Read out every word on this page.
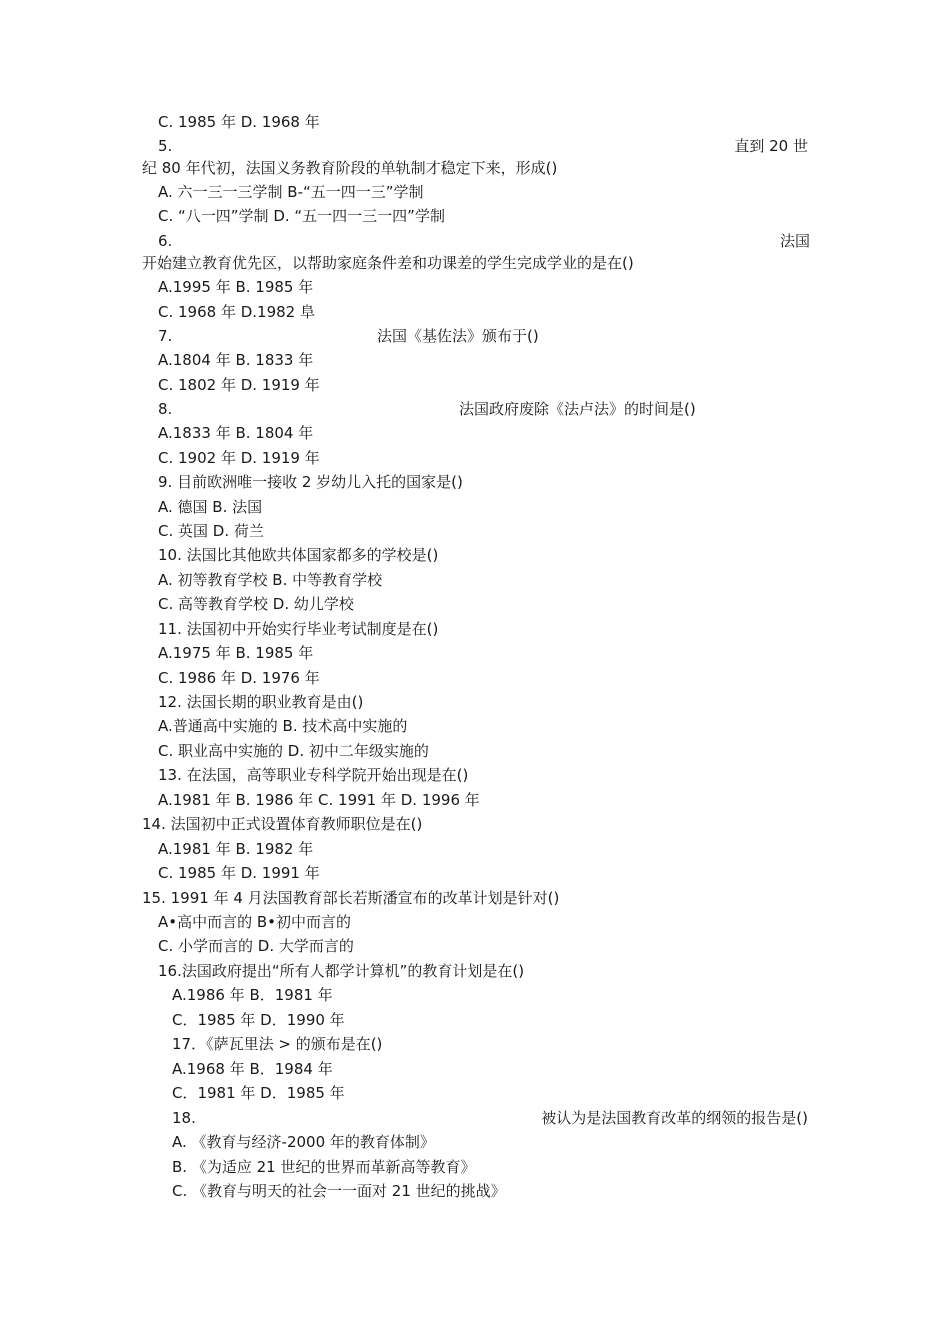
C. 1985 年 D. 1968 年
5.	直到 20 世
纪 80 年代初，法国义务教育阶段的单轨制才稳定下来，形成()
A. 六一三一三学制 B-“五一四一三”学制
C. “八一四”学制 D. “五一四一三一四”学制
6.	法国
开始建立教育优先区，以帮助家庭条件差和功课差的学生完成学业的是在()
A.1995 年 B. 1985 年
C. 1968 年 D.1982 阜
7.	法国《基佐法》颁布于()
A.1804 年 B. 1833 年
C. 1802 年 D. 1919 年
8.	法国政府废除《法卢法》的时间是()
A.1833 年 B. 1804 年
C. 1902 年 D. 1919 年
9. 目前欧洲唯一接收 2 岁幼儿入托的国家是()
A. 德国 B. 法国
C. 英国 D. 荷兰
10. 法国比其他欧共体国家都多的学校是()
A. 初等教育学校 B. 中等教育学校
C. 高等教育学校 D. 幼儿学校
11. 法国初中开始实行毕业考试制度是在()
A.1975 年 B. 1985 年
C. 1986 年 D. 1976 年
12. 法国长期的职业教育是由()
A.普通高中实施的 B. 技术高中实施的
C. 职业高中实施的 D. 初中二年级实施的
13. 在法国，高等职业专科学院开始出现是在()
A.1981 年 B. 1986 年 C. 1991 年 D. 1996 年
14. 法国初中正式设置体育教师职位是在()
A.1981 年 B. 1982 年
C. 1985 年 D. 1991 年
15. 1991 年 4 月法国教育部长若斯潘宣布的改革计划是针对()
A•高中而言的 B•初中而言的
C. 小学而言的 D. 大学而言的
16.法国政府提出“所有人都学计算机”的教育计划是在()
A.1986 年 B．1981 年
C．1985 年 D．1990 年
17．《萨瓦里法 > 的颁布是在()
A.1968 年 B．1984 年
C．1981 年 D．1985 年
18.	被认为是法国教育改革的纲领的报告是()
A. 《教育与经济-2000 年的教育体制》
B. 《为适应 21 世纪的世界而革新高等教育》
C. 《教育与明天的社会一一面对 21 世纪的挑战》
